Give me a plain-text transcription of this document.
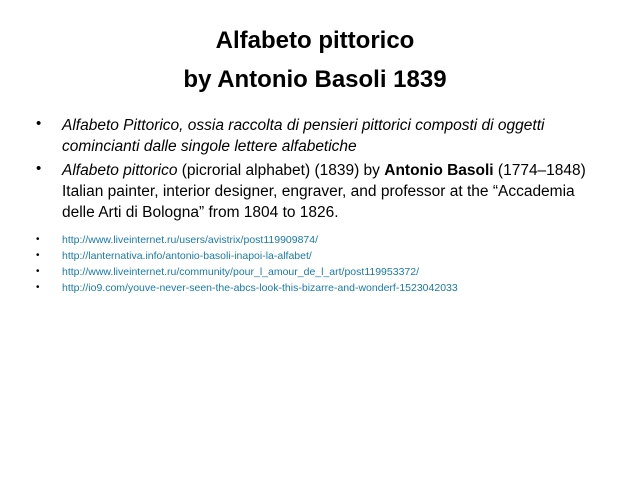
Alfabeto pittorico
by Antonio Basoli 1839
• Alfabeto Pittorico, ossia raccolta di pensieri pittorici composti di oggetti
comincianti dalle singole lettere alfabetiche
• Alfabeto pittorico (picrorial alphabet) (1839) by Antonio Basoli (1774–1848)
Italian painter, interior designer, engraver, and professor at the “Accademia
delle Arti di Bologna” from 1804 to 1826.
• http://www.liveinternet.ru/users/avistrix/post119909874/
• http://lanternativa.info/antonio-basoli-inapoi-la-alfabet/
• http://www.liveinternet.ru/community/pour_l_amour_de_l_art/post119953372/
• http://io9.com/youve-never-seen-the-abcs-look-this-bizarre-and-wonderf-1523042033
